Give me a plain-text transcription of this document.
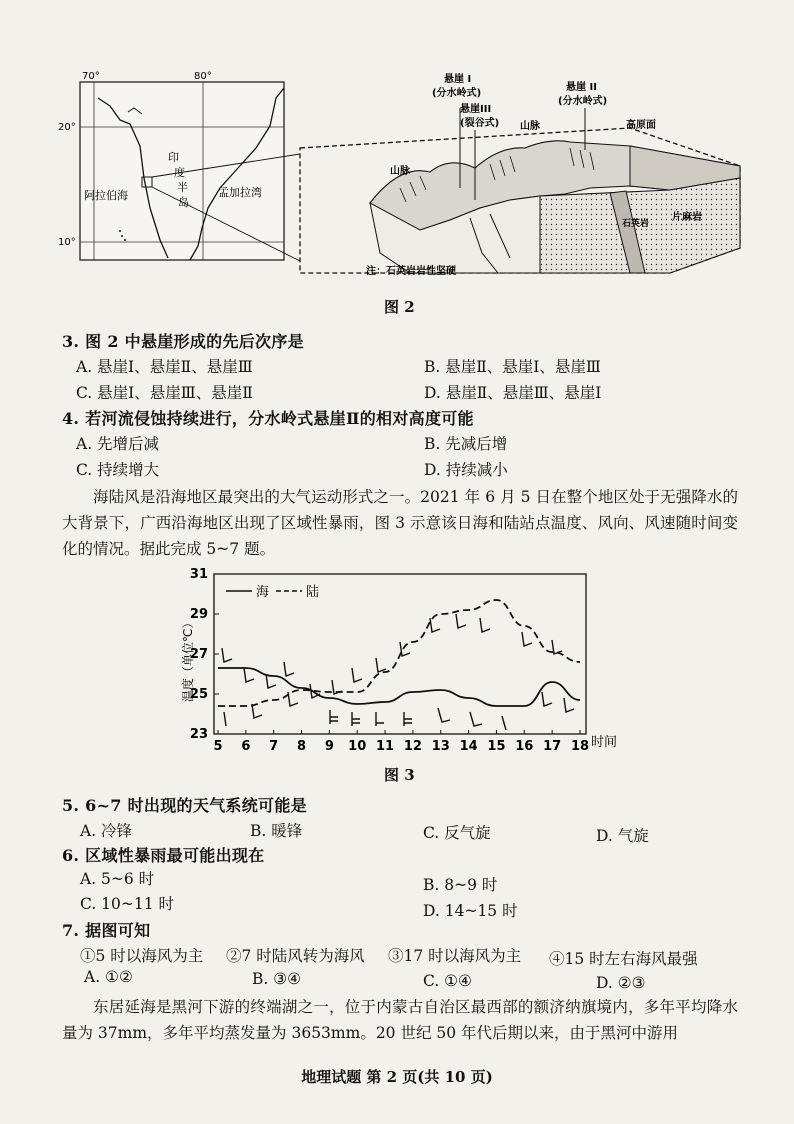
70°	80°
20°
10°
印
度
半
岛
阿拉伯海	孟加拉湾
悬崖 I
(分水岭式)
悬崖III
(裂谷式)
悬崖 II
(分水岭式)
山脉
山脉
高原面
片麻岩
石英岩
注：石英岩岩性坚硬
图 2
3. 图 2 中悬崖形成的先后次序是
A. 悬崖Ⅰ、悬崖Ⅱ、悬崖Ⅲ	B. 悬崖Ⅱ、悬崖Ⅰ、悬崖Ⅲ
C. 悬崖Ⅰ、悬崖Ⅲ、悬崖Ⅱ	D. 悬崖Ⅱ、悬崖Ⅲ、悬崖Ⅰ
4. 若河流侵蚀持续进行，分水岭式悬崖Ⅱ的相对高度可能
A. 先增后减	B. 先减后增
C. 持续增大	D. 持续减小
海陆风是沿海地区最突出的大气运动形式之一。2021 年 6 月 5 日在整个地区处于无强降水的大背景下，广西沿海地区出现了区域性暴雨，图 3 示意该日海和陆站点温度、风向、风速随时间变化的情况。据此完成 5~7 题。
23
25
27
29
31
5 6 7 8 9 10 11 12 13 14 15 16 17 18
海	陆
温度（单位℃）
时间
图 3
5. 6~7 时出现的天气系统可能是
A. 冷锋	B. 暖锋	C. 反气旋	D. 气旋
6. 区域性暴雨最可能出现在
A. 5~6 时	B. 8~9 时
C. 10~11 时	D. 14~15 时
7. 据图可知
①5 时以海风为主 ②7 时陆风转为海风 ③17 时以海风为主 ④15 时左右海风最强
A. ①②	B. ③④	C. ①④	D. ②③
东居延海是黑河下游的终端湖之一，位于内蒙古自治区最西部的额济纳旗境内，多年平均降水量为 37mm，多年平均蒸发量为 3653mm。20 世纪 50 年代后期以来，由于黑河中游用
地理试题 第 2 页(共 10 页)
